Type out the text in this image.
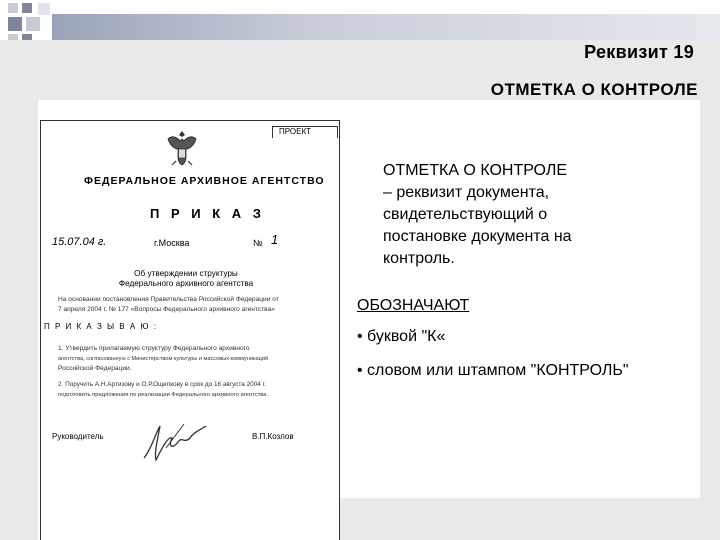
Реквизит 19
ОТМЕТКА О КОНТРОЛЕ
ПРОЕКТ
ФЕДЕРАЛЬНОЕ АРХИВНОЕ АГЕНТСТВО
П Р И К А З
15.07.04 г.	г.Москва	№ 1
Об утверждении структуры
Федерального архивного агентства
На основании постановления Правительства Российской Федерации от
7 апреля 2004 г. № 177 «Вопросы Федерального архивного агентства»
П Р И К А З Ы В А Ю :
1. Утвердить прилагаемую структуру Федерального архивного
агентства, согласованную с Министерством культуры и массовых коммуникаций
Российской Федерации.
2. Поручить А.Н.Артизову и О.Р.Ощепкову в срок до 16 августа 2004 г.
подготовить предложения по реализации Федерального архивного агентства.
Руководитель	В.П.Козлов
ОТМЕТКА О КОНТРОЛЕ
– реквизит документа,
свидетельствующий о
постановке документа на
контроль.
ОБОЗНАЧАЮТ
• буквой "К«
• словом или штампом "КОНТРОЛЬ"
